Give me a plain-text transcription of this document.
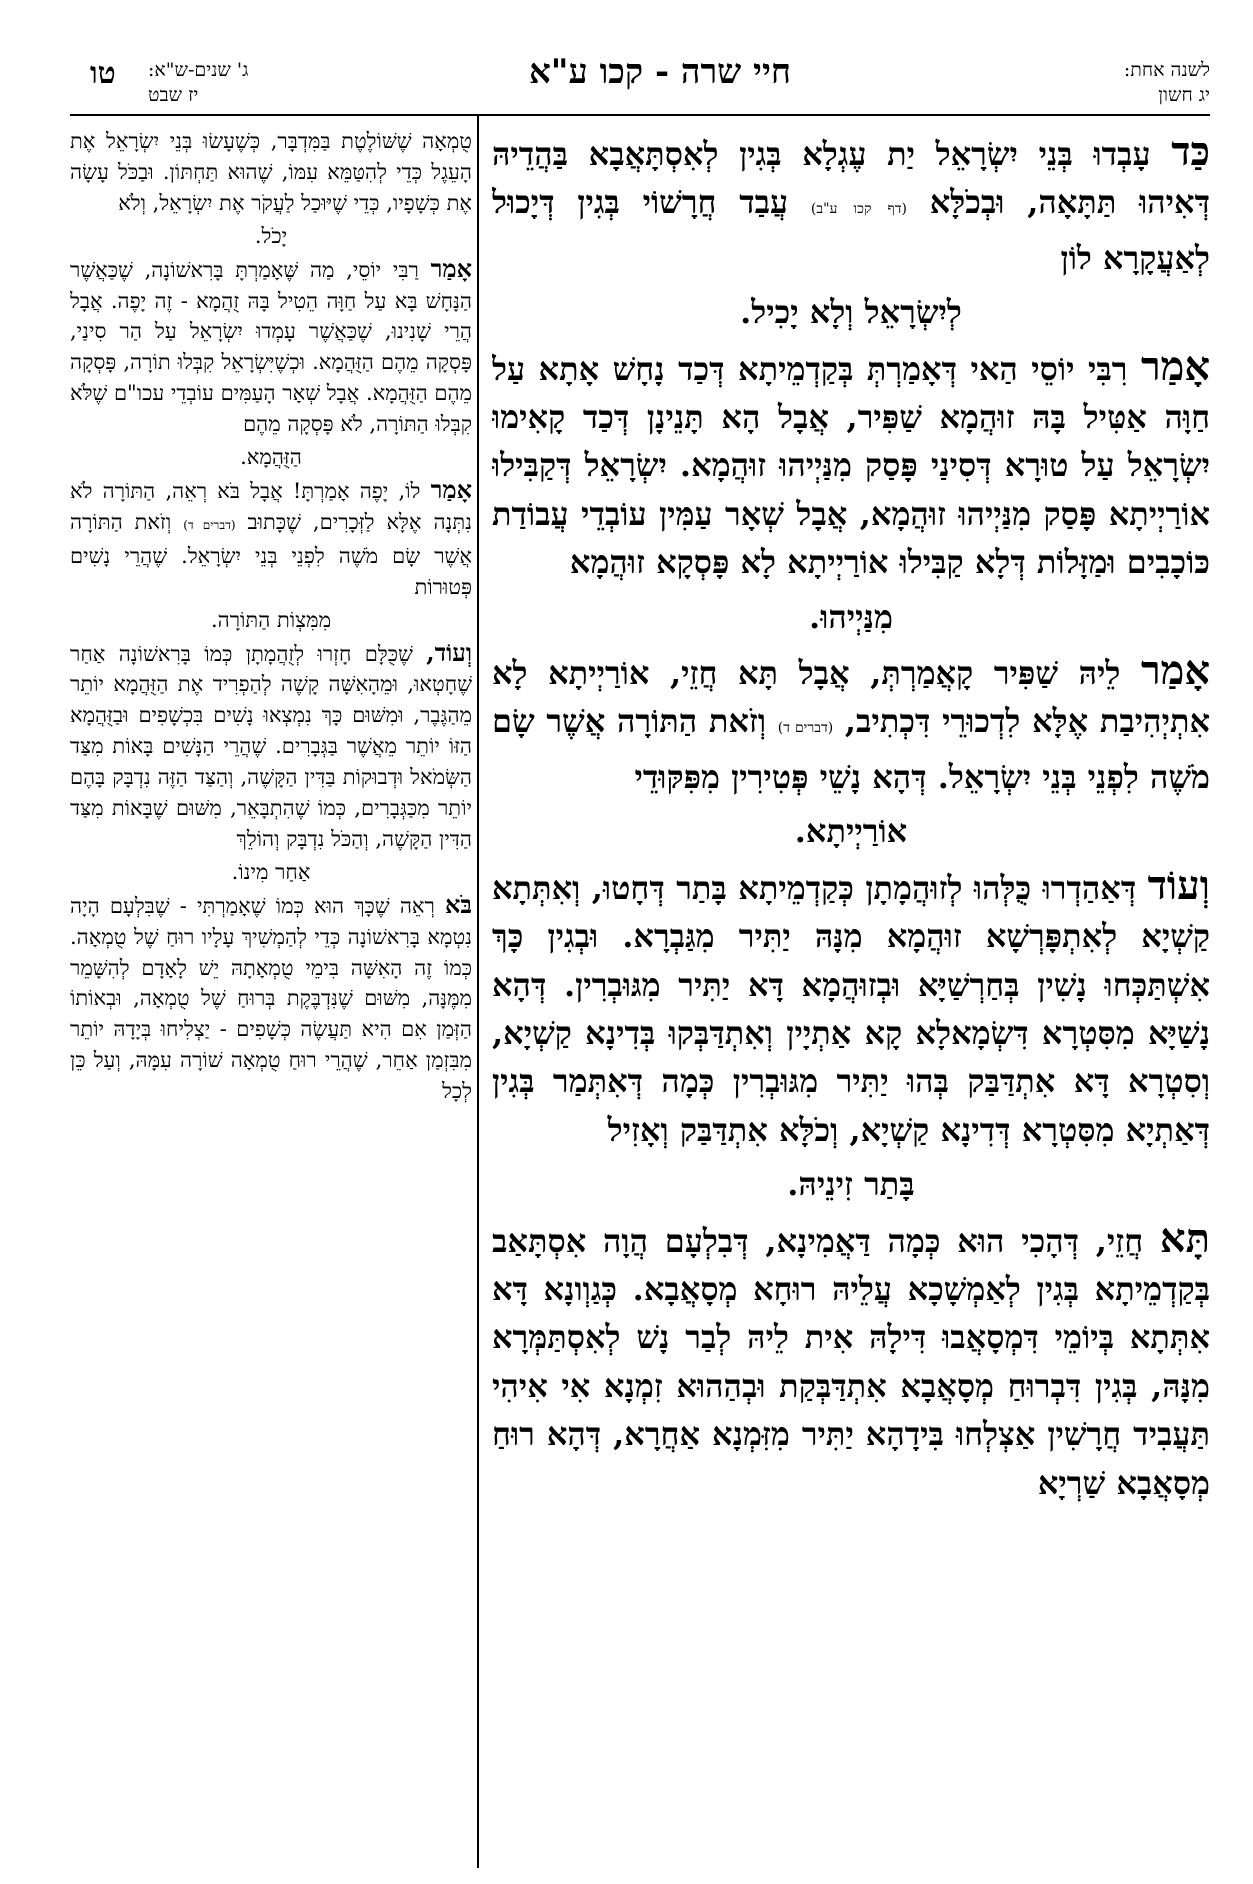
טו ג' שנים-ש"א:
יז שבט
חיי שרה - קכו ע"א	לשנה אחת:
יג חשון

כַּד עָבְדוּ בְּנֵי יִשְׂרָאֵל יַת עֶגְלָא בְּגִין לְאִסְתָּאֲבָא בַּהֲדֵיהּ דְּאִיהוּ תַּתָּאָה, וּבְכֹלָּא (דף קכו ע"ב) עֲבַד חֲרָשׁוֹי בְּגִין דְּיָכוּל לְאַעֲקָרָא לוֹן

לְיִשְׂרָאֵל וְלָא יָכִיל.

אָמַר רִבִּי יוֹסֵי הַאי דְּאָמַרְתְּ בְּקַדְמֵיתָא דְּכַד נָחָשׁ אָתָא עַל חַוָּה אַטִּיל בָּהּ זוּהֲמָא שַׁפִּיר, אֲבָל הָא תָּנֵינָן דְּכַד קָאִימוּ יִשְׂרָאֵל עַל טוּרָא דְּסִינַי פָּסַק מִנַּיְיהוּ זוּהֲמָא. יִשְׂרָאֵל דְּקַבִּילוּ אוֹרַיְיתָא פָּסַק מִנַּיְיהוּ זוּהֲמָא, אֲבָל שְׁאָר עַמִּין עוֹבְדֵי עֲבוֹדַת כּוֹכָבִים וּמַזָּלוֹת דְּלָא קַבִּילוּ אוֹרַיְיתָא לָא פָּסְקָא זוּהֲמָא

מִנַּיְיהוּ.

אָמַר לֵיהּ שַׁפִּיר קָאֲמַרְתְּ, אֲבָל תָּא חֲזֵי, אוֹרַיְיתָא לָא אִתְיְהִיבַת אֶלָּא לִדְכוּרֵי דִּכְתִיב, (דברים ד) וְזֹאת הַתּוֹרָה אֲשֶׁר שָׂם מֹשֶׁה לִפְנֵי בְּנֵי יִשְׂרָאֵל. דְּהָא נָשֵׁי פְּטִירִין מִפִּקּוּדֵי

אוֹרַיְיתָא.

וְעוֹד דְּאַהַדְרוּ כֻּלְּהוּ לְזוּהֲמָתָן כְּקַדְמֵיתָא בָּתַר דְּחָטוּ, וְאִתְּתָא קַשְׁיָא לְאִתְפָּרְשָׁא זוּהֲמָא מִנָּהּ יַתִּיר מִגַּבְרָא. וּבְגִין כָּךְ אִשְׁתַּכְּחוּ נָשִׁין בְּחַרְשַׁיָּא וּבְזוּהֲמָא דָּא יַתִּיר מִגּוּבְרִין. דְּהָא נָשַׁיָּא מִסִּטְרָא דִּשְׂמָאלָא קָא אַתְיָין וְאִתְדַּבְּקוּ בְּדִינָא קַשְׁיָא, וְסִטְרָא דָּא אִתְדַּבַּק בְּהוּ יַתִּיר מִגּוּבְרִין כְּמָה דְּאִתְּמַר בְּגִין דְּאַתְיָא מִסִּטְרָא דְּדִינָא קַשְׁיָא, וְכֹלָּא אִתְדַּבַּק וְאָזִיל

בָּתַר זִינֵיהּ.

תָּא חֲזֵי, דְּהָכִי הוּא כְּמָה דַּאֲמִינָא, דְּבִלְעָם הֲוָה אִסְתָּאַב בְּקַדְמֵיתָא בְּגִין לְאַמְשָׁכָא עֲלֵיהּ רוּחָא מְסָאֲבָא. כְּגַוְונָא דָּא אִתְּתָא בְּיוֹמֵי דִּמְסָאֲבוּ דִּילָהּ אִית לֵיהּ לְבַר נָשׁ לְאִסְתַּמְּרָא מִנָּהּ, בְּגִין דִּבְרוּחַ מְסָאֲבָא אִתְדַּבְּקַת וּבְהַהוּא זִמְנָא אִי אִיהִי תַּעֲבִיד חֲרָשִׁין אַצְלְחוּ בִּידָהָא יַתִּיר מִזִּמְנָא אַחֲרָא, דְּהָא רוּחַ מְסָאֲבָא שַׁרְיָא

טֻמְאָה שֶׁשּׁוֹלֶטֶת בַּמִּדְבָּר, כְּשֶׁעָשׂוּ בְּנֵי יִשְׂרָאֵל אֶת הָעֵגֶל כְּדֵי לְהִטַּמֵּא עִמּוֹ, שֶׁהוּא תַּחְתּוֹן. וּבַכֹּל עָשָׂה אֶת כְּשָׁפָיו, כְּדֵי שֶׁיּוּכַל לַעֲקֹר אֶת יִשְׂרָאֵל, וְלֹא

יָכֹל.

אָמַר רַבִּי יוֹסֵי, מַה שֶּׁאָמַרְתָּ בָּרִאשׁוֹנָה, שֶׁכַּאֲשֶׁר הַנָּחָשׁ בָּא עַל חַוָּה הֵטִיל בָּהּ זֻהֲמָא - זֶה יָפֶה. אֲבָל הֲרֵי שָׁנִינוּ, שֶׁכַּאֲשֶׁר עָמְדוּ יִשְׂרָאֵל עַל הַר סִינַי, פָּסְקָה מֵהֶם הַזֻּהֲמָא. וּכְשֶׁיִּשְׂרָאֵל קִבְּלוּ תוֹרָה, פָּסְקָה מֵהֶם הַזֻּהֲמָא. אֲבָל שְׁאָר הָעַמִּים עוֹבְדֵי עכו"ם שֶׁלֹּא קִבְּלוּ הַתּוֹרָה, לֹא פָּסְקָה מֵהֶם

הַזֻּהֲמָא.

אָמַר לוֹ, יָפֶה אָמַרְתָּ! אֲבָל בֹּא רְאֵה, הַתּוֹרָה לֹא נִתְּנָה אֶלָּא לַזְּכָרִים, שֶׁכָּתוּב (דברים ד) וְזֹאת הַתּוֹרָה אֲשֶׁר שָׂם מֹשֶׁה לִפְנֵי בְּנֵי יִשְׂרָאֵל. שֶׁהֲרֵי נָשִׁים פְּטוּרוֹת

מִמִּצְוֹת הַתּוֹרָה.

וְעוֹד, שֶׁכֻּלָּם חָזְרוּ לְזֻהֲמָתָן כְּמוֹ בָּרִאשׁוֹנָה אַחַר שֶׁחָטְאוּ, וּמֵהָאִשָּׁה קָשֶׁה לְהַפְרִיד אֶת הַזֻּהֲמָא יוֹתֵר מֵהַגֶּבֶר, וּמִשּׁוּם כָּךְ נִמְצְאוּ נָשִׁים בִּכְשָׁפִים וּבַזֻּהֲמָא הַזּוֹ יוֹתֵר מֵאֲשֶׁר בַּגְּבָרִים. שֶׁהֲרֵי הַנָּשִׁים בָּאוֹת מִצַּד הַשְּׂמֹאל וּדְבוּקוֹת בַּדִּין הַקָּשֶׁה, וְהַצַּד הַזֶּה נִדְבָּק בָּהֶם יוֹתֵר מִכַּגְּבָרִים, כְּמוֹ שֶׁהִתְבָּאֵר, מִשּׁוּם שֶׁבָּאוֹת מִצַּד הַדִּין הַקָּשֶׁה, וְהַכֹּל נִדְבָּק וְהוֹלֵךְ

אַחַר מִינוֹ.

בֹּא רְאֵה שֶׁכָּךְ הוּא כְּמוֹ שֶׁאָמַרְתִּי - שֶׁבִּלְעָם הָיָה נִטְמָא בָּרִאשׁוֹנָה כְּדֵי לְהַמְשִׁיךְ עָלָיו רוּחַ שֶׁל טֻמְאָה. כְּמוֹ זֶה הָאִשָּׁה בִּימֵי טֻמְאָתָהּ יֵשׁ לָאָדָם לְהִשָּׁמֵר מִמֶּנָּה, מִשּׁוּם שֶׁנִּדְבֶּקֶת בְּרוּחַ שֶׁל טֻמְאָה, וּבְאוֹתוֹ הַזְּמַן אִם הִיא תַּעֲשֶׂה כְּשָׁפִים - יַצְלִיחוּ בְּיָדָהּ יוֹתֵר מִבִּזְמַן אַחֵר, שֶׁהֲרֵי רוּחַ טֻמְאָה שׁוֹרָה עִמָּהּ, וְעַל כֵּן לְכָל
